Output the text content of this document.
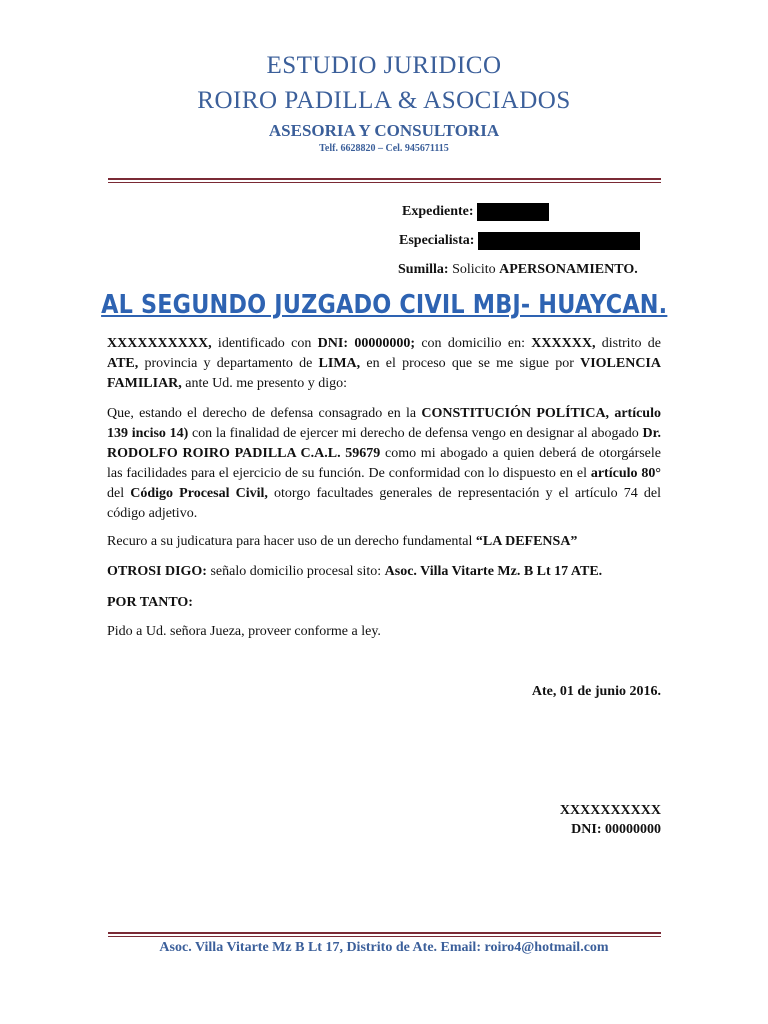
ESTUDIO JURIDICO
ROIRO PADILLA & ASOCIADOS
ASESORIA Y CONSULTORIA
Telf. 6628820 – Cel. 945671115
Expediente:
Especialista:
Sumilla: Solicito APERSONAMIENTO.
AL SEGUNDO JUZGADO CIVIL MBJ- HUAYCAN.

XXXXXXXXXX, identificado con DNI: 00000000; con domicilio en: XXXXXX, distrito de ATE, provincia y departamento de LIMA, en el proceso que se me sigue por VIOLENCIA FAMILIAR, ante Ud. me presento y digo:

Que, estando el derecho de defensa consagrado en la CONSTITUCIÓN POLÍTICA, artículo 139 inciso 14) con la finalidad de ejercer mi derecho de defensa vengo en designar al abogado Dr. RODOLFO ROIRO PADILLA C.A.L. 59679 como mi abogado a quien deberá de otorgársele las facilidades para el ejercicio de su función. De conformidad con lo dispuesto en el artículo 80° del Código Procesal Civil, otorgo facultades generales de representación y el artículo 74 del código adjetivo.

Recuro a su judicatura para hacer uso de un derecho fundamental “LA DEFENSA”

OTROSI DIGO: señalo domicilio procesal sito: Asoc. Villa Vitarte Mz. B Lt 17 ATE.

POR TANTO:

Pido a Ud. señora Jueza, proveer conforme a ley.

Ate, 01 de junio 2016.
XXXXXXXXXX
DNI: 00000000
Asoc. Villa Vitarte Mz B Lt 17, Distrito de Ate. Email: roiro4@hotmail.com
